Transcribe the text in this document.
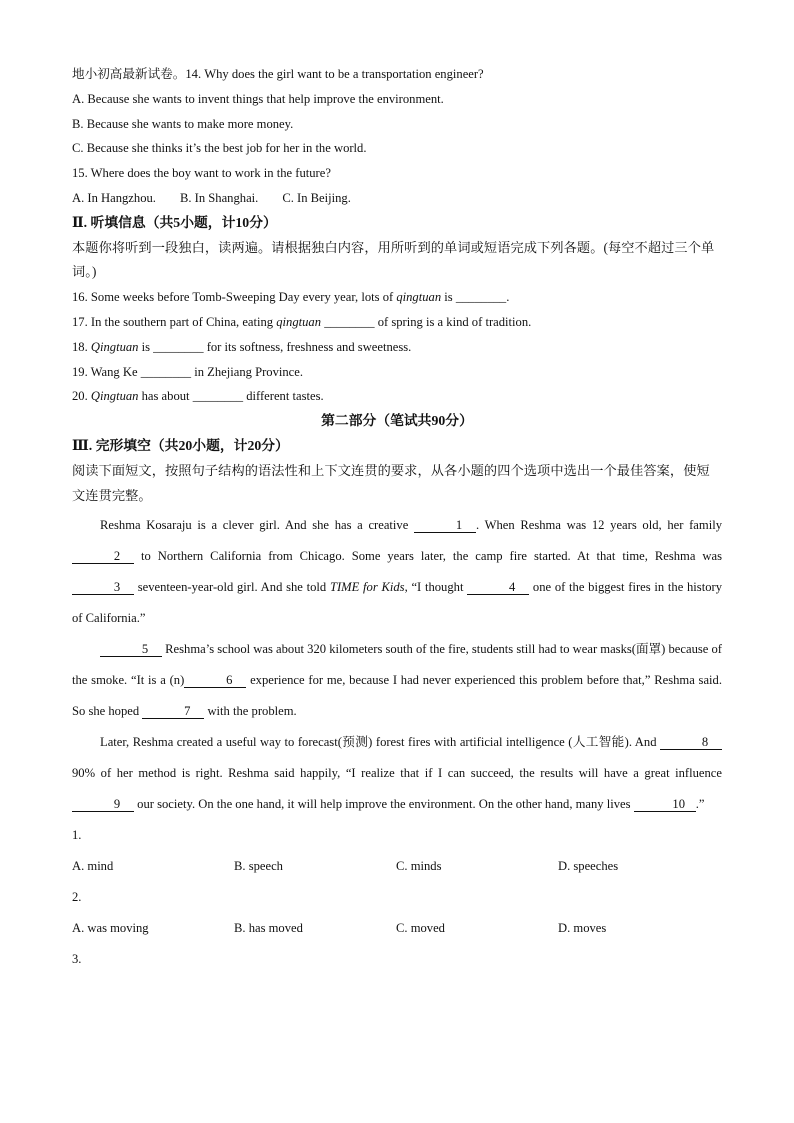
地小初高最新试卷。14. Why does the girl want to be a transportation engineer?
A. Because she wants to invent things that help improve the environment.
B. Because she wants to make more money.
C. Because she thinks it’s the best job for her in the world.
15. Where does the boy want to work in the future?
A. In Hangzhou. B. In Shanghai. C. In Beijing.
Ⅱ. 听填信息（共5小题，计10分）
本题你将听到一段独白，读两遍。请根据独白内容，用所听到的单词或短语完成下列各题。(每空不超过三个单词。)
16. Some weeks before Tomb-Sweeping Day every year, lots of qingtuan is ________.
17. In the southern part of China, eating qingtuan ________ of spring is a kind of tradition.
18. Qingtuan is ________ for its softness, freshness and sweetness.
19. Wang Ke ________ in Zhejiang Province.
20. Qingtuan has about ________ different tastes.
第二部分（笔试共90分）
Ⅲ. 完形填空（共20小题，计20分）
阅读下面短文，按照句子结构的语法性和上下文连贯的要求，从各小题的四个选项中选出一个最佳答案，使短文连贯完整。
Reshma Kosaraju is a clever girl. And she has a creative	1 . When Reshma was 12 years old, her family 2 to Northern California from Chicago. Some years later, the camp fire started. At that time, Reshma was 3 seventeen-year-old girl. And she told TIME for Kids, “I thought	4 one of the biggest fires in the history of California.”
5 Reshma’s school was about 320 kilometers south of the fire, students still had to wear masks(面罩) because of the smoke. “It is a (n)	6 experience for me, because I had never experienced this problem before that,” Reshma said. So she hoped	7 with the problem.
Later, Reshma created a useful way to forecast(预测) forest fires with artificial intelligence (人工智能). And	8 90% of her method is right. Reshma said happily, “I realize that if I can succeed, the results will have a great influence 9 our society. On the one hand, it will help improve the environment. On the other hand, many lives	10 .”
1.
A. mind	B. speech	C. minds	D. speeches
2.
A. was moving	B. has moved	C. moved	D. moves
3.
